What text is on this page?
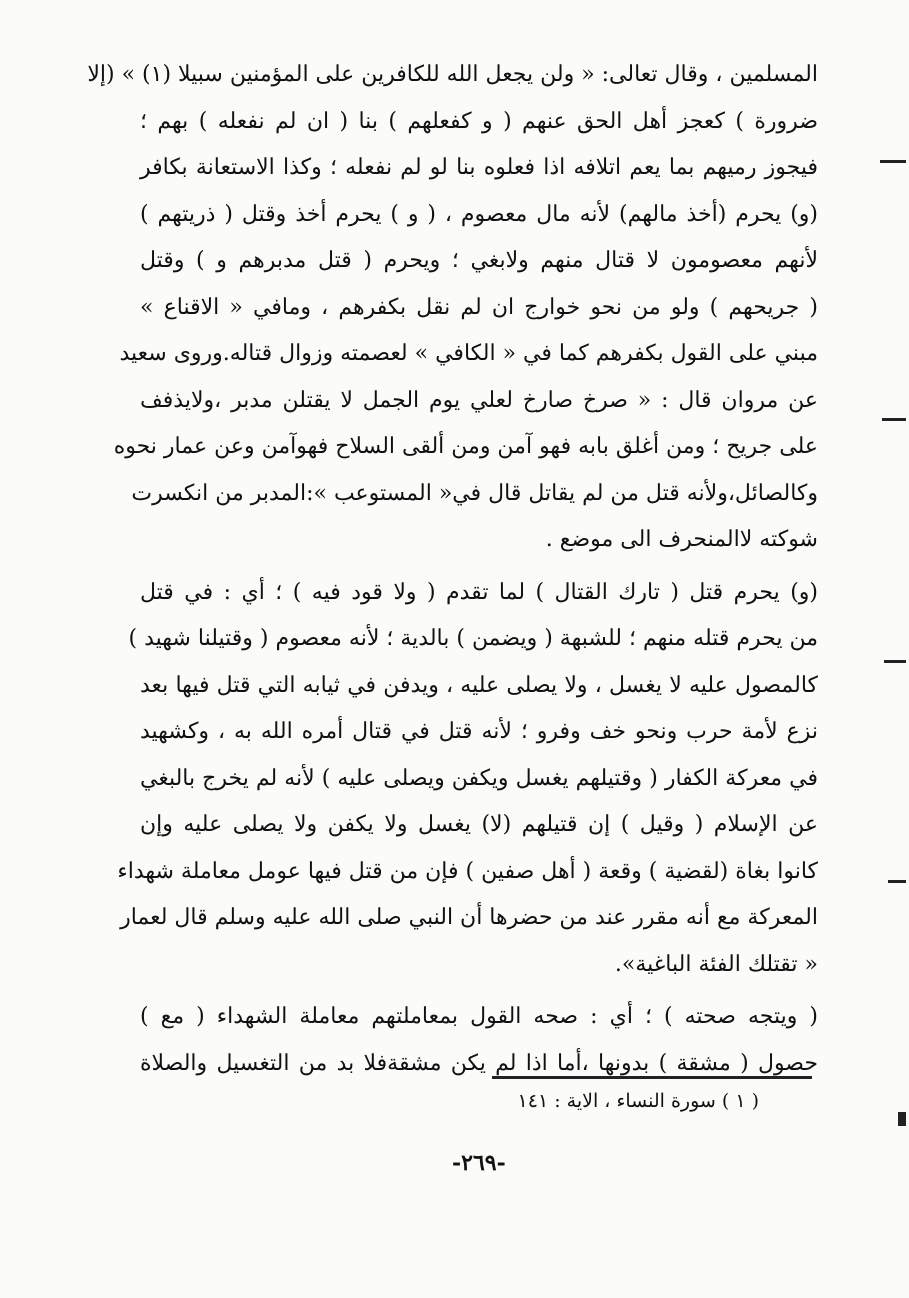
المسلمين ، وقال تعالى: « ولن يجعل الله للكافرين على المؤمنين سبيلا (١) » (إلا
ضرورة ) كعجز أهل الحق عنهم ( و كفعلهم ) بنا ( ان لم نفعله ) بهم ؛
فيجوز رميهم بما يعم اتلافه اذا فعلوه بنا لو لم نفعله ؛ وكذا الاستعانة بكافر
(و) يحرم (أخذ مالهم) لأنه مال معصوم ، ( و ) يحرم أخذ وقتل ( ذريتهم )
لأنهم معصومون لا قتال منهم ولابغي ؛ ويحرم ( قتل مدبرهم و ) وقتل
( جريحهم ) ولو من نحو خوارج ان لم نقل بكفرهم ، ومافي « الاقناع »
مبني على القول بكفرهم كما في « الكافي » لعصمته وزوال قتاله.وروى سعيد
عن مروان قال : « صرخ صارخ لعلي يوم الجمل لا يقتلن مدبر ،ولايذفف
على جريح ؛ ومن أغلق بابه فهو آمن ومن ألقى السلاح فهوآمن وعن عمار نحوه
وكالصائل،ولأنه قتل من لم يقاتل قال في« المستوعب »:المدبر من انكسرت
شوكته لاالمنحرف الى موضع .
(و) يحرم قتل ( تارك القتال ) لما تقدم ( ولا قود فيه ) ؛ أي : في قتل
من يحرم قتله منهم ؛ للشبهة ( ويضمن ) بالدية ؛ لأنه معصوم ( وقتيلنا شهيد )
كالمصول عليه لا يغسل ، ولا يصلى عليه ، ويدفن في ثيابه التي قتل فيها بعد
نزع لأمة حرب ونحو خف وفرو ؛ لأنه قتل في قتال أمره الله به ، وكشهيد
في معركة الكفار ( وقتيلهم يغسل ويكفن ويصلى عليه ) لأنه لم يخرج بالبغي
عن الإسلام ( وقيل ) إن قتيلهم (لا) يغسل ولا يكفن ولا يصلى عليه وإن
كانوا بغاة (لقضية ) وقعة ( أهل صفين ) فإن من قتل فيها عومل معاملة شهداء
المعركة مع أنه مقرر عند من حضرها أن النبي صلى الله عليه وسلم قال لعمار
« تقتلك الفئة الباغية».
( ويتجه صحته ) ؛ أي : صحه القول بمعاملتهم معاملة الشهداء ( مع )
حصول ( مشقة ) بدونها ،أما اذا لم يكن مشقةفلا بد من التغسيل والصلاة
( ١ ) سورة النساء ، الاية : ١٤١
-٢٦٩-
